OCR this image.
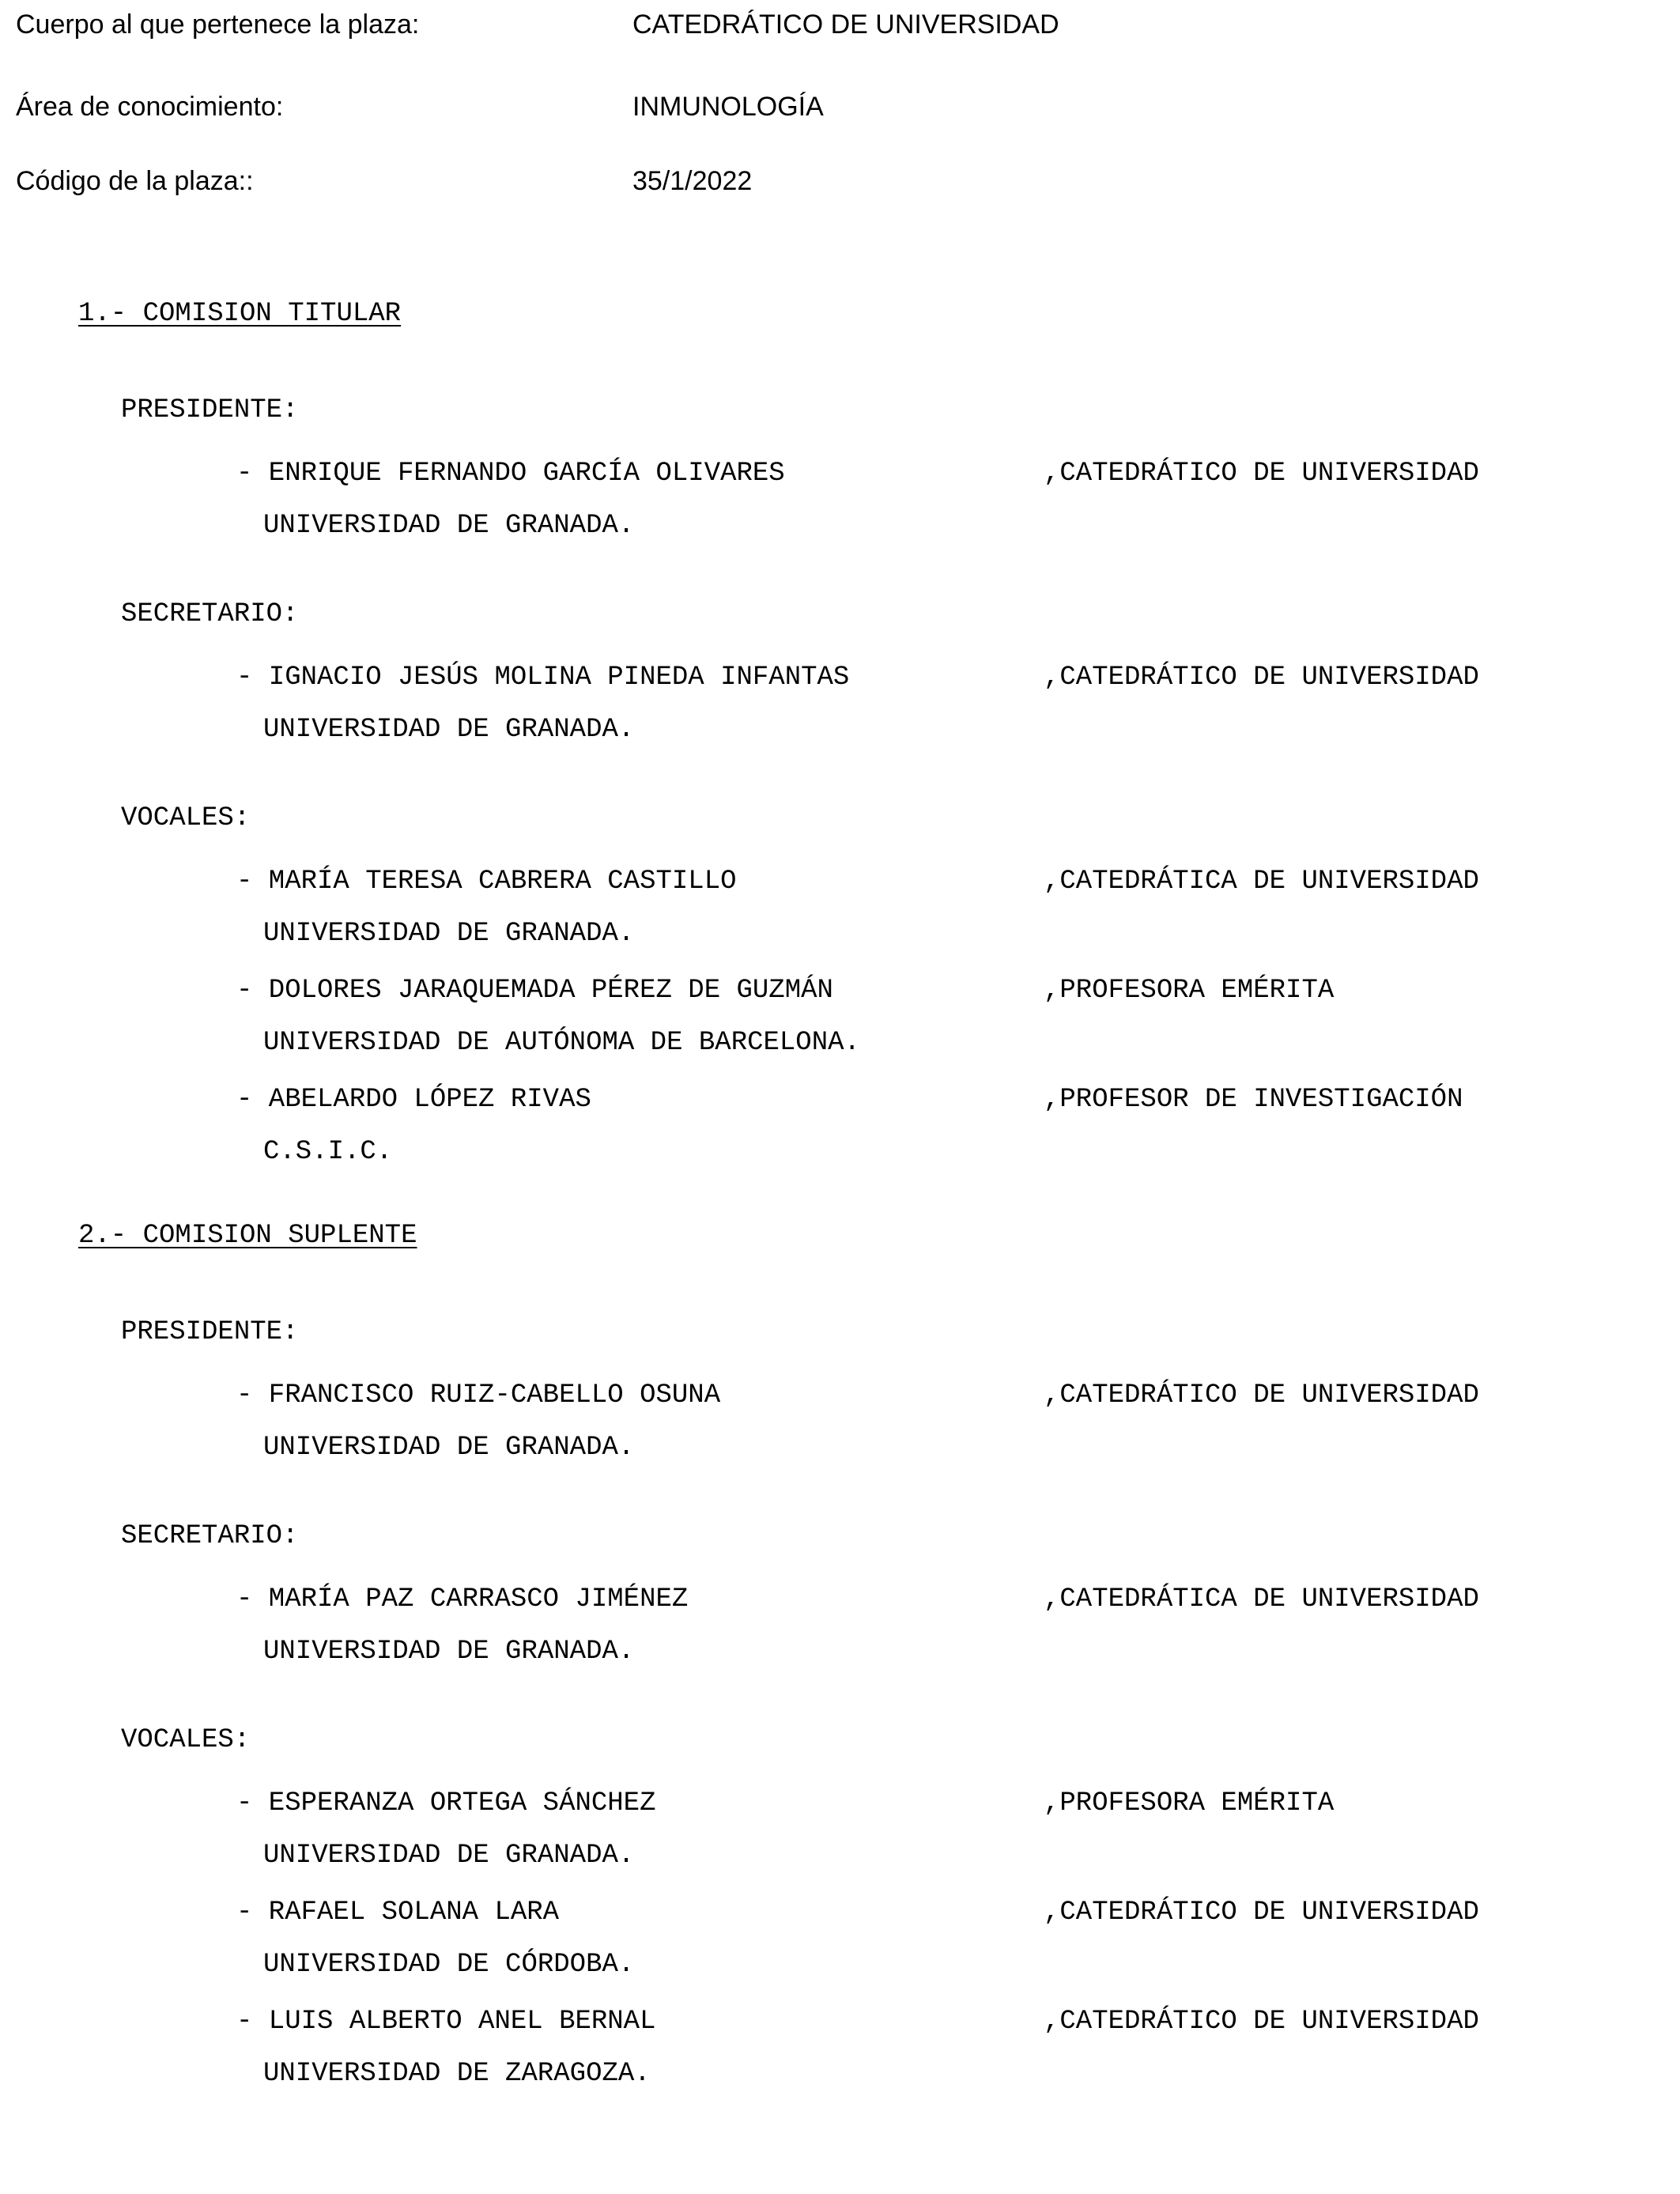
Cuerpo al que pertenece la plaza:	CATEDRÁTICO DE UNIVERSIDAD
Área de conocimiento:	INMUNOLOGÍA
Código de la plaza::	35/1/2022
1.- COMISION TITULAR
PRESIDENTE:
- ENRIQUE FERNANDO GARCÍA OLIVARES	,CATEDRÁTICO DE UNIVERSIDAD
UNIVERSIDAD DE GRANADA.
SECRETARIO:
- IGNACIO JESÚS MOLINA PINEDA INFANTAS	,CATEDRÁTICO DE UNIVERSIDAD
UNIVERSIDAD DE GRANADA.
VOCALES:
- MARÍA TERESA CABRERA CASTILLO	,CATEDRÁTICA DE UNIVERSIDAD
UNIVERSIDAD DE GRANADA.
- DOLORES JARAQUEMADA PÉREZ DE GUZMÁN	,PROFESORA EMÉRITA
UNIVERSIDAD DE AUTÓNOMA DE BARCELONA.
- ABELARDO LÓPEZ RIVAS	,PROFESOR DE INVESTIGACIÓN
C.S.I.C.
2.- COMISION SUPLENTE
PRESIDENTE:
- FRANCISCO RUIZ-CABELLO OSUNA	,CATEDRÁTICO DE UNIVERSIDAD
UNIVERSIDAD DE GRANADA.
SECRETARIO:
- MARÍA PAZ CARRASCO JIMÉNEZ	,CATEDRÁTICA DE UNIVERSIDAD
UNIVERSIDAD DE GRANADA.
VOCALES:
- ESPERANZA ORTEGA SÁNCHEZ	,PROFESORA EMÉRITA
UNIVERSIDAD DE GRANADA.
- RAFAEL SOLANA LARA	,CATEDRÁTICO DE UNIVERSIDAD
UNIVERSIDAD DE CÓRDOBA.
- LUIS ALBERTO ANEL BERNAL	,CATEDRÁTICO DE UNIVERSIDAD
UNIVERSIDAD DE ZARAGOZA.
